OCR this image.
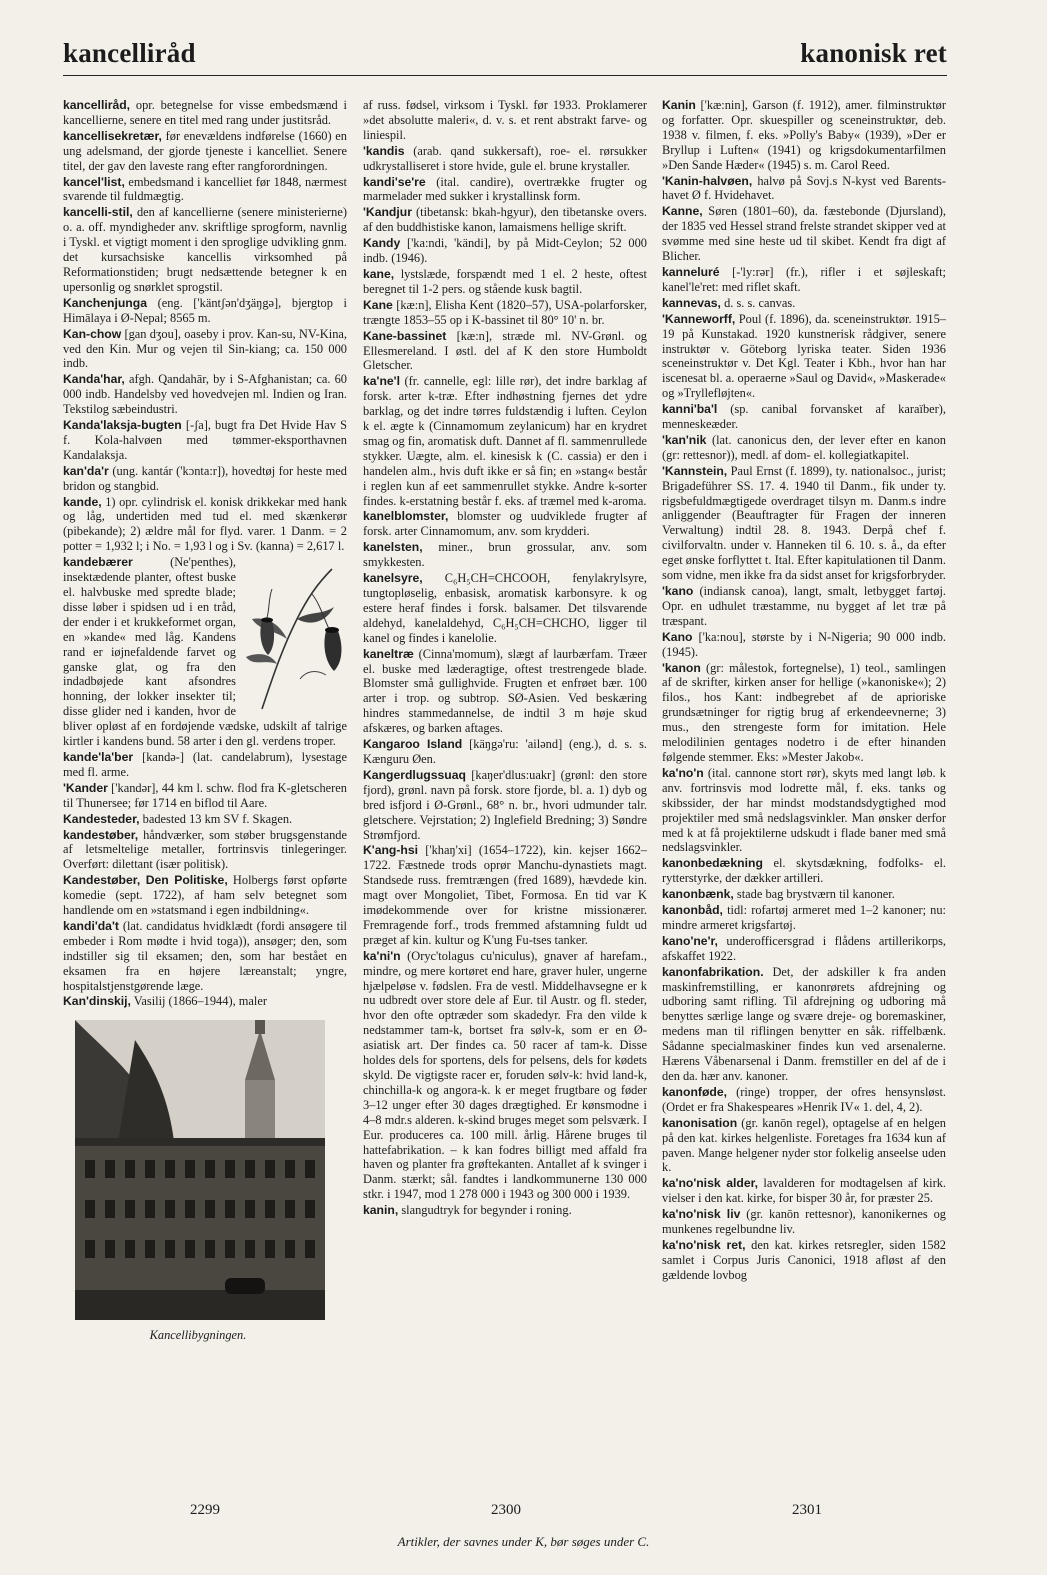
kancelliråd	kanonisk ret

kancelliråd, opr. betegnelse for visse embedsmænd i kancellierne, senere en titel med rang under justitsråd.

kancellisekretær, før enevældens indførelse (1660) en ung adelsmand, der gjorde tjeneste i kancelliet. Senere titel, der gav den laveste rang efter rangforordningen.

kancel'list, embedsmand i kancelliet før 1848, nærmest svarende til fuldmægtig.

kancelli-stil, den af kancellierne (senere ministerierne) o. a. off. myndigheder anv. skriftlige sprogform, navnlig i Tyskl. et vigtigt moment i den sproglige udvikling gnm. det kursachsiske kancellis virksomhed på Reformationstiden; brugt nedsættende betegner k en upersonlig og snørklet sprogstil.

Kanchenjunga (eng. ['käntʃən'dʒäŋgə], bjergtop i Himālaya i Ø-Nepal; 8565 m.

Kan-chow [gan dʒou], oaseby i prov. Kan-su, NV-Kina, ved den Kin. Mur og vejen til Sin-kiang; ca. 150 000 indb.

Kanda'har, afgh. Qandahār, by i S-Afghanistan; ca. 60 000 indb. Handelsby ved hovedvejen ml. Indien og Iran. Tekstilog sæbeindustri.

Kanda'laksja-bugten [-ʃa], bugt fra Det Hvide Hav S f. Kola-halvøen med tømmer-eksporthavnen Kandalaksja.

kan'da'r (ung. kantár ('kɔnta:r]), hovedtøj for heste med bridon og stangbid.

kande, 1) opr. cylindrisk el. konisk drikkekar med hank og låg, undertiden med tud el. med skænkerør (pibekande); 2) ældre mål for flyd. varer. 1 Danm. = 2 potter = 1,932 l; i No. = 1,93 l og i Sv. (kanna) = 2,617 l.

kandebærer	(Ne'penthes), insektædende planter, oftest buske el. halvbuske med spredte blade; disse løber i spidsen ud i en tråd, der ender i et krukkeformet organ, en »kande« med låg. Kandens rand er iøjnefaldende farvet og ganske glat, og fra den indadbøjede kant afsondres honning, der lokker insekter til; disse glider ned i kanden, hvor de bliver opløst af en fordøjende vædske, udskilt af talrige kirtler i kandens bund. 58 arter i den gl. verdens troper.

kande'la'ber [kandə-] (lat. candelabrum), lysestage med fl. arme.

'Kander ['kandər], 44 km l. schw. flod fra K-gletscheren til Thunersee; før 1714 en biflod til Aare.

Kandesteder, badested 13 km SV f. Skagen.

kandestøber, håndværker, som støber brugsgenstande af letsmeltelige metaller, fortrinsvis tinlegeringer. Overført: dilettant (især politisk).

Kandestøber, Den Politiske, Holbergs først opførte komedie (sept. 1722), af ham selv betegnet som handlende om en »statsmand i egen indbildning«.

kandi'da't (lat. candidatus hvidklædt (fordi ansøgere til embeder i Rom mødte i hvid toga)), ansøger; den, som indstiller sig til eksamen; den, som har bestået en eksamen fra en højere læreanstalt; yngre, hospitalstjenstgørende læge.

Kan'dinskij, Vasilij (1866–1944), maler

Kancellibygningen.

af russ. fødsel, virksom i Tyskl. før 1933. Proklamerer »det absolutte maleri«, d. v. s. et rent abstrakt farve- og liniespil.

'kandis (arab. qand sukkersaft), roe- el. rørsukker udkrystalliseret i store hvide, gule el. brune krystaller.

kandi'se're (ital. candire), overtrække frugter og marmelader med sukker i krystallinsk form.

'Kandjur (tibetansk: bkah-hgyur), den tibetanske overs. af den buddhistiske kanon, lamaismens hellige skrift.

Kandy ['ka:ndi, 'kändi], by på Midt-Ceylon; 52 000 indb. (1946).

kane, lystslæde, forspændt med 1 el. 2 heste, oftest beregnet til 1-2 pers. og stående kusk bagtil.

Kane [kæ:n], Elisha Kent (1820–57), USA-polarforsker, trængte 1853–55 op i K-bassinet til 80° 10' n. br.

Kane-bassinet [kæ:n], stræde ml. NV-Grønl. og Ellesmereland. I østl. del af K den store Humboldt Gletscher.

ka'ne'l (fr. cannelle, egl: lille rør), det indre barklag af forsk. arter k-træ. Efter indhøstning fjernes det ydre barklag, og det indre tørres fuldstændig i luften. Ceylon k el. ægte k (Cinnamomum zeylanicum) har en krydret smag og fin, aromatisk duft. Dannet af fl. sammenrullede stykker. Uægte, alm. el. kinesisk k (C. cassia) er den i handelen alm., hvis duft ikke er så fin; en »stang« består i reglen kun af eet sammenrullet stykke. Andre k-sorter findes. k-erstatning består f. eks. af træmel med k-aroma.

kanelblomster, blomster og uudviklede frugter af forsk. arter Cinnamomum, anv. som krydderi.

kanelsten, miner., brun grossular, anv. som smykkesten.

kanelsyre, C₆H₅CH=CHCOOH, fenylakrylsyre, tungtopløselig, enbasisk, aromatisk karbonsyre. k og estere heraf findes i forsk. balsamer. Det tilsvarende aldehyd, kanelaldehyd, C₆H₅CH=CHCHO, ligger til kanel og findes i kanelolie.

kaneltræ (Cinna'momum), slægt af laurbærfam. Træer el. buske med læderagtige, oftest trestrengede blade. Blomster små gullighvide. Frugten et enfrøet bær. 100 arter i trop. og subtrop. SØ-Asien. Ved beskæring hindres stammedannelse, de indtil 3 m høje skud afskæres, og barken aftages.

Kangaroo Island [käŋgə'ru: 'ailənd] (eng.), d. s. s. Kænguru Øen.

Kangerdlugssuaq [kaŋer'dlus:uakr] (grønl: den store fjord), grønl. navn på forsk. store fjorde, bl. a. 1) dyb og bred isfjord i Ø-Grønl., 68° n. br., hvori udmunder talr. gletschere. Vejrstation; 2) Inglefield Bredning; 3) Søndre Strømfjord.

K'ang-hsi ['khaŋ'xi] (1654–1722), kin. kejser 1662–1722. Fæstnede trods oprør Manchu-dynastiets magt. Standsede russ. fremtrængen (fred 1689), hævdede kin. magt over Mongoliet, Tibet, Formosa. En tid var K imødekommende over for kristne missionærer. Fremragende forf., trods fremmed afstamning fuldt ud præget af kin. kultur og K'ung Fu-tses tanker.

ka'ni'n (Oryc'tolagus cu'niculus), gnaver af harefam., mindre, og mere kortøret end hare, graver huler, ungerne hjælpeløse v. fødslen. Fra de vestl. Middelhavsegne er k nu udbredt over store dele af Eur. til Austr. og fl. steder, hvor den ofte optræder som skadedyr. Fra den vilde k nedstammer tam-k, bortset fra sølv-k, som er en Ø-asiatisk art. Der findes ca. 50 racer af tam-k. Disse holdes dels for sportens, dels for pelsens, dels for kødets skyld. De vigtigste racer er, foruden sølv-k: hvid land-k, chinchilla-k og angora-k. k er meget frugtbare og føder 3–12 unger efter 30 dages drægtighed. Er kønsmodne i 4–8 mdr.s alderen. k-skind bruges meget som pelsværk. I Eur. produceres ca. 100 mill. årlig. Hårene bruges til hattefabrikation. – k kan fodres billigt med affald fra haven og planter fra grøftekanten. Antallet af k svinger i Danm. stærkt; sål. fandtes i landkommunerne 130 000 stkr. i 1947, mod 1 278 000 i 1943 og 300 000 i 1939.

kanin, slangudtryk for begynder i roning.

Kanin ['kæ:nin], Garson (f. 1912), amer. filminstruktør og forfatter. Opr. skuespiller og sceneinstruktør, deb. 1938 v. filmen, f. eks. »Polly's Baby« (1939), »Der er Bryllup i Luften« (1941) og krigsdokumentarfilmen »Den Sande Hæder« (1945) s. m. Carol Reed.

'Kanin-halvøen, halvø på Sovj.s N-kyst ved Barents-havet Ø f. Hvidehavet.

Kanne, Søren (1801–60), da. fæstebonde (Djursland), der 1835 ved Hessel strand frelste strandet skipper ved at svømme med sine heste ud til skibet. Kendt fra digt af Blicher.

kanneluré [-'ly:rər] (fr.), rifler i et søjleskaft; kanel'le'ret: med riflet skaft.

kannevas, d. s. s. canvas.

'Kanneworff, Poul (f. 1896), da. sceneinstruktør. 1915–19 på Kunstakad. 1920 kunstnerisk rådgiver, senere instruktør v. Göteborg lyriska teater. Siden 1936 sceneinstruktør v. Det Kgl. Teater i Kbh., hvor han har iscenesat bl. a. operaerne »Saul og David«, »Maskerade« og »Tryllefløjten«.

kanni'ba'l (sp. canibal forvansket af karaïber), menneskeæder.

'kan'nik (lat. canonicus den, der lever efter en kanon (gr: rettesnor)), medl. af dom- el. kollegiatkapitel.

'Kannstein, Paul Ernst (f. 1899), ty. nationalsoc., jurist; Brigadeführer SS. 17. 4. 1940 til Danm., fik under ty. rigsbefuldmægtigede overdraget tilsyn m. Danm.s indre anliggender (Beauftragter für Fragen der inneren Verwaltung) indtil 28. 8. 1943. Derpå chef f. civilforvaltn. under v. Hanneken til 6. 10. s. å., da efter eget ønske forflyttet t. Ital. Efter kapitulationen til Danm. som vidne, men ikke fra da sidst anset for krigsforbryder.

'kano (indiansk canoa), langt, smalt, letbygget fartøj. Opr. en udhulet træstamme, nu bygget af let træ på træspant.

Kano ['ka:nou], største by i N-Nigeria; 90 000 indb. (1945).

'kanon (gr: målestok, fortegnelse), 1) teol., samlingen af de skrifter, kirken anser for hellige (»kanoniske«); 2) filos., hos Kant: indbegrebet af de aprioriske grundsætninger for rigtig brug af erkendeevnerne; 3) mus., den strengeste form for imitation. Hele melodilinien gentages nodetro i de efter hinanden følgende stemmer. Eks: »Mester Jakob«.

ka'no'n (ital. cannone stort rør), skyts med langt løb. k anv. fortrinsvis mod lodrette mål, f. eks. tanks og skibssider, der har mindst modstandsdygtighed mod projektiler med små nedslagsvinkler. Man ønsker derfor med k at få projektilerne udskudt i flade baner med små nedslagsvinkler.

kanonbedækning el. skytsdækning, fodfolks- el. rytterstyrke, der dækker artilleri.

kanonbænk, stade bag brystværn til kanoner.

kanonbåd, tidl: rofartøj armeret med 1–2 kanoner; nu: mindre armeret krigsfartøj.

kano'ne'r, underofficersgrad i flådens artillerikorps, afskaffet 1922.

kanonfabrikation. Det, der adskiller k fra anden maskinfremstilling, er kanonrørets afdrejning og udboring samt rifling. Til afdrejning og udboring må benyttes særlige lange og svære dreje- og boremaskiner, medens man til riflingen benytter en såk. riffelbænk. Sådanne specialmaskiner findes kun ved arsenalerne. Hærens Våbenarsenal i Danm. fremstiller en del af de i den da. hær anv. kanoner.

kanonføde, (ringe) tropper, der ofres hensynsløst. (Ordet er fra Shakespeares »Henrik IV« 1. del, 4, 2).

kanonisation (gr. kanōn regel), optagelse af en helgen på den kat. kirkes helgenliste. Foretages fra 1634 kun af paven. Mange helgener nyder stor folkelig anseelse uden k.

ka'no'nisk alder, lavalderen for modtagelsen af kirk. vielser i den kat. kirke, for bisper 30 år, for præster 25.

ka'no'nisk liv (gr. kanōn rettesnor), kanonikernes og munkenes regelbundne liv.

ka'no'nisk ret, den kat. kirkes retsregler, siden 1582 samlet i Corpus Juris Canonici, 1918 afløst af den gældende lovbog

2299	2300	2301
Artikler, der savnes under K, bør søges under C.
